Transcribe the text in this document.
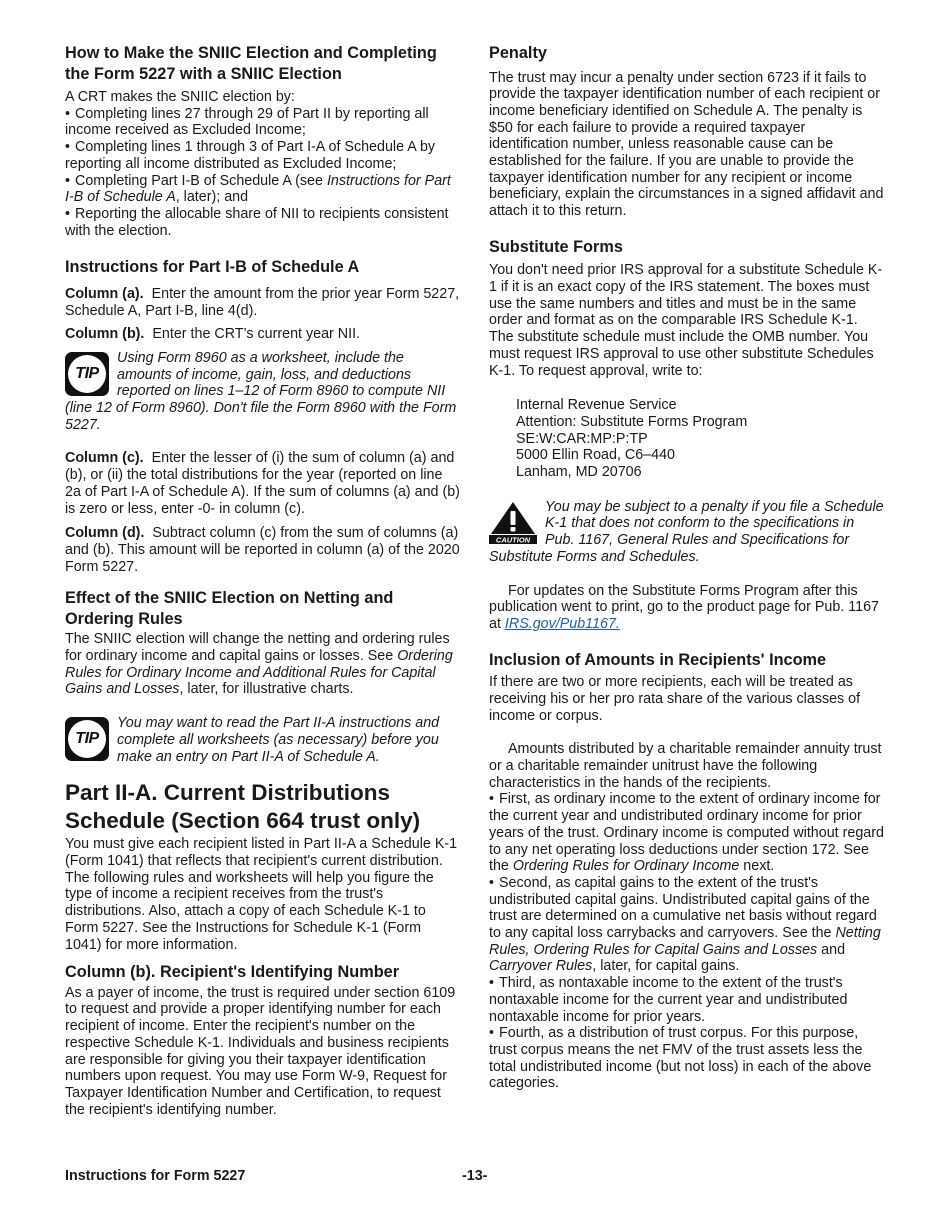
How to Make the SNIIC Election and Completing the Form 5227 with a SNIIC Election

A CRT makes the SNIIC election by:

• Completing lines 27 through 29 of Part II by reporting all income received as Excluded Income;

• Completing lines 1 through 3 of Part I-A of Schedule A by reporting all income distributed as Excluded Income;

• Completing Part I-B of Schedule A (see Instructions for Part I-B of Schedule A, later); and

• Reporting the allocable share of NII to recipients consistent with the election.

Instructions for Part I-B of Schedule A

Column (a). Enter the amount from the prior year Form 5227, Schedule A, Part I-B, line 4(d).

Column (b). Enter the CRT’s current year NII.

TIP
Using Form 8960 as a worksheet, include the amounts of income, gain, loss, and deductions reported on lines 1–12 of Form 8960 to compute NII (line 12 of Form 8960). Don't file the Form 8960 with the Form 5227.

Column (c). Enter the lesser of (i) the sum of column (a) and (b), or (ii) the total distributions for the year (reported on line 2a of Part I-A of Schedule A). If the sum of columns (a) and (b) is zero or less, enter -0- in column (c).

Column (d). Subtract column (c) from the sum of columns (a) and (b). This amount will be reported in column (a) of the 2020 Form 5227.

Effect of the SNIIC Election on Netting and Ordering Rules

The SNIIC election will change the netting and ordering rules for ordinary income and capital gains or losses. See Ordering Rules for Ordinary Income and Additional Rules for Capital Gains and Losses, later, for illustrative charts.

TIP
You may want to read the Part II-A instructions and complete all worksheets (as necessary) before you make an entry on Part II-A of Schedule A.
Part II-A. Current Distributions Schedule (Section 664 trust only)

You must give each recipient listed in Part II-A a Schedule K-1 (Form 1041) that reflects that recipient's current distribution. The following rules and worksheets will help you figure the type of income a recipient receives from the trust's distributions. Also, attach a copy of each Schedule K-1 to Form 5227. See the Instructions for Schedule K-1 (Form 1041) for more information.

Column (b). Recipient's Identifying Number

As a payer of income, the trust is required under section 6109 to request and provide a proper identifying number for each recipient of income. Enter the recipient's number on the respective Schedule K-1. Individuals and business recipients are responsible for giving you their taxpayer identification numbers upon request. You may use Form W-9, Request for Taxpayer Identification Number and Certification, to request the recipient's identifying number.

Penalty

The trust may incur a penalty under section 6723 if it fails to provide the taxpayer identification number of each recipient or income beneficiary identified on Schedule A. The penalty is $50 for each failure to provide a required taxpayer identification number, unless reasonable cause can be established for the failure. If you are unable to provide the taxpayer identification number for any recipient or income beneficiary, explain the circumstances in a signed affidavit and attach it to this return.

Substitute Forms

You don't need prior IRS approval for a substitute Schedule K-1 if it is an exact copy of the IRS statement. The boxes must use the same numbers and titles and must be in the same order and format as on the comparable IRS Schedule K-1. The substitute schedule must include the OMB number. You must request IRS approval to use other substitute Schedules K-1. To request approval, write to:

Internal Revenue Service
Attention: Substitute Forms Program
SE:W:CAR:MP:P:TP
5000 Ellin Road, C6–440
Lanham, MD 20706
CAUTION
You may be subject to a penalty if you file a Schedule K-1 that does not conform to the specifications in Pub. 1167, General Rules and Specifications for Substitute Forms and Schedules.

For updates on the Substitute Forms Program after this publication went to print, go to the product page for Pub. 1167 at IRS.gov/Pub1167.

Inclusion of Amounts in Recipients' Income

If there are two or more recipients, each will be treated as receiving his or her pro rata share of the various classes of income or corpus.

Amounts distributed by a charitable remainder annuity trust or a charitable remainder unitrust have the following characteristics in the hands of the recipients.

• First, as ordinary income to the extent of ordinary income for the current year and undistributed ordinary income for prior years of the trust. Ordinary income is computed without regard to any net operating loss deductions under section 172. See the Ordering Rules for Ordinary Income next.

• Second, as capital gains to the extent of the trust's undistributed capital gains. Undistributed capital gains of the trust are determined on a cumulative net basis without regard to any capital loss carrybacks and carryovers. See the Netting Rules, Ordering Rules for Capital Gains and Losses and Carryover Rules, later, for capital gains.

• Third, as nontaxable income to the extent of the trust's nontaxable income for the current year and undistributed nontaxable income for prior years.

• Fourth, as a distribution of trust corpus. For this purpose, trust corpus means the net FMV of the trust assets less the total undistributed income (but not loss) in each of the above categories.

Instructions for Form 5227	-13-
